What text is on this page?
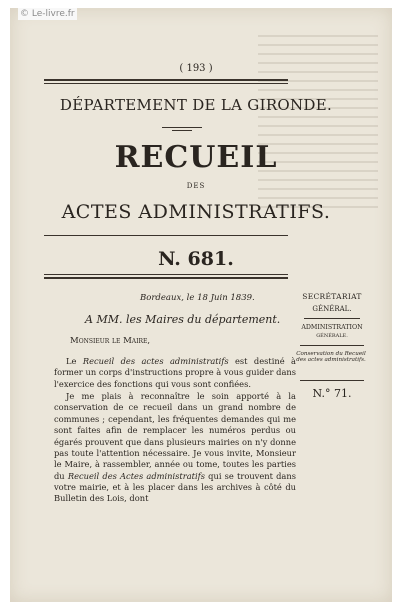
© Le-livre.fr
( 193 )
DÉPARTEMENT DE LA GIRONDE.
RECUEIL
DES
ACTES ADMINISTRATIFS.
N. 681.
SECRÉTARIAT
GÉNÉRAL.
ADMINISTRATION
GÉNÉRALE.
Conservation du Recueil des actes administratifs.
N.° 71.
Bordeaux, le 18 Juin 1839.
A MM. les Maires du département.
Monsieur le Maire,

Le Recueil des actes administratifs est destiné à former un corps d'instructions propre à vous guider dans l'exercice des fonctions qui vous sont confiées.

Je me plais à reconnaître le soin apporté à la conservation de ce recueil dans un grand nombre de communes ; cependant, les fréquentes demandes qui me sont faites afin de remplacer les numéros perdus ou égarés prouvent que dans plusieurs mairies on n'y donne pas toute l'attention nécessaire. Je vous invite, Monsieur le Maire, à rassembler, année ou tome, toutes les parties du Recueil des Actes administratifs qui se trouvent dans votre mairie, et à les placer dans les archives à côté du Bulletin des Lois, dont
